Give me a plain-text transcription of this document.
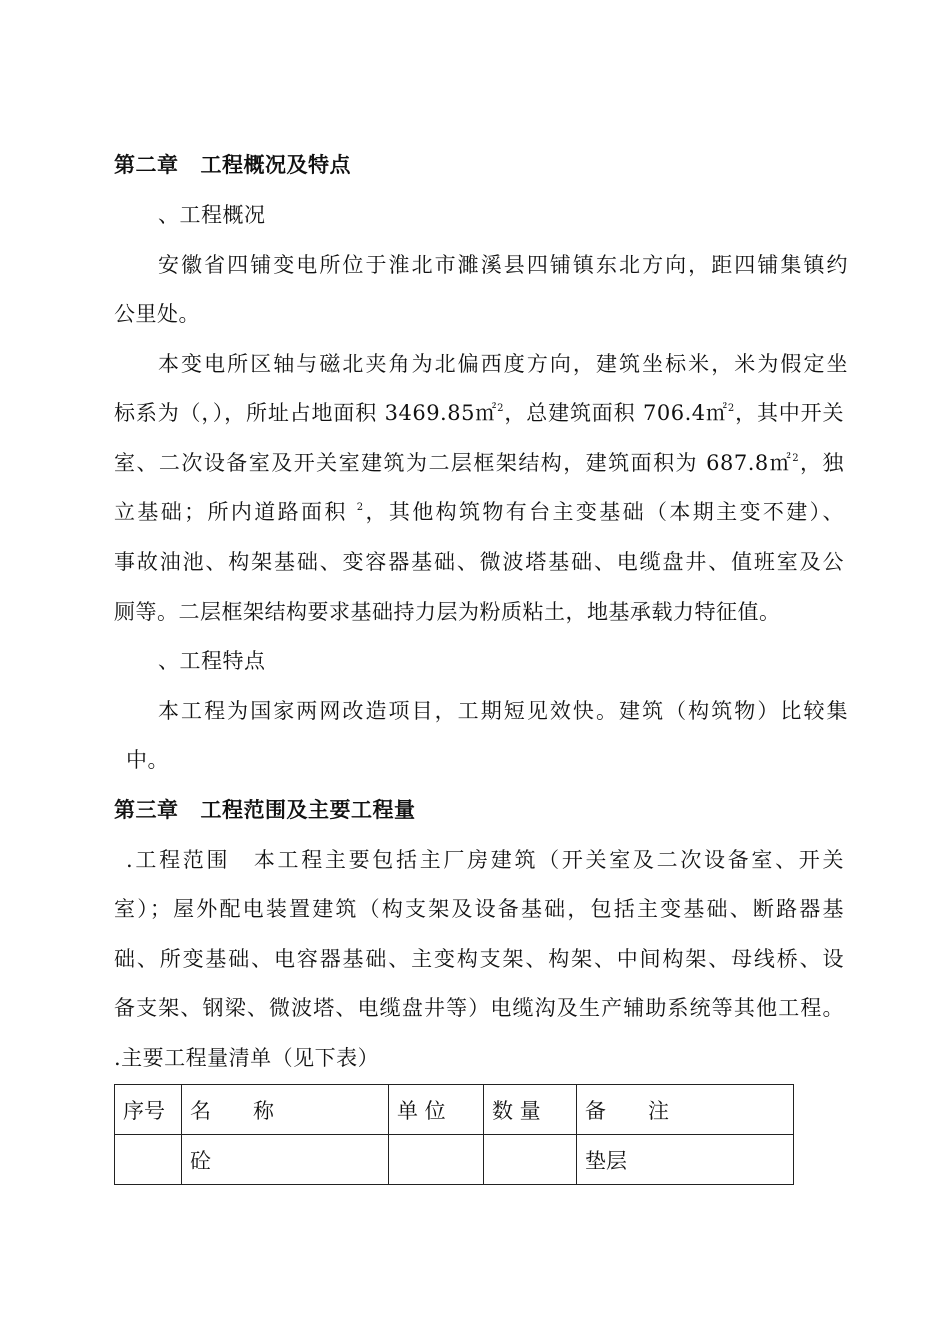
第二章 工程概况及特点
、工程概况
安徽省四铺变电所位于淮北市濉溪县四铺镇东北方向，距四铺集镇约
公里处。
本变电所区轴与磁北夹角为北偏西度方向，建筑坐标米，米为假定坐
标系为（，），所址占地面积 3469.85㎡$^2$，总建筑面积 706.4㎡$^2$，其中开关
室、二次设备室及开关室建筑为二层框架结构，建筑面积为 687.8㎡$^2$，独
立基础；所内道路面积 $^2$，其他构筑物有台主变基础（本期主变不建）、
事故油池、构架基础、变容器基础、微波塔基础、电缆盘井、值班室及公
厕等。二层框架结构要求基础持力层为粉质粘土，地基承载力特征值。
、工程特点
本工程为国家两网改造项目，工期短见效快。建筑（构筑物）比较集
中。
第三章 工程范围及主要工程量
.工程范围　本工程主要包括主厂房建筑（开关室及二次设备室、开关
室）；屋外配电装置建筑（构支架及设备基础，包括主变基础、断路器基
础、所变基础、电容器基础、主变构支架、构架、中间构架、母线桥、设
备支架、钢梁、微波塔、电缆盘井等）电缆沟及生产辅助系统等其他工程。
.主要工程量清单（见下表）
序号	名　　称	单 位	数 量	备　　注
	砼			垫层
